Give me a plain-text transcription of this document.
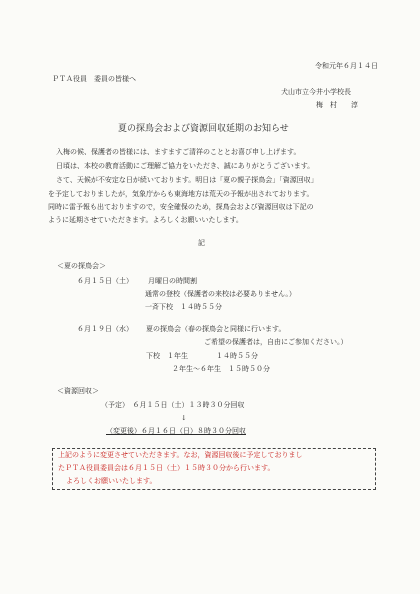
令和元年６月１４日
ＰＴＡ役員　委員の皆様へ
犬山市立今井小学校長
梅　村　　淳
夏の探鳥会および資源回収延期のお知らせ
入梅の候、保護者の皆様には、ますますご清祥のこととお喜び申し上げます。
日頃は、本校の教育活動にご理解ご協力をいただき、誠にありがとうございます。
さて、天候が不安定な日が続いております。明日は「夏の親子探鳥会」「資源回収」
を予定しておりましたが，気象庁からも東海地方は荒天の予報が出されております。
同時に雷予報も出ておりますので，安全確保のため，探鳥会および資源回収は下記の
ように延期させていただきます。よろしくお願いいたします。
記
＜夏の探鳥会＞
６月１５日（土） 月曜日の時間割
通常の登校（保護者の来校は必要ありません。）
一斉下校　１４時５５分
６月１９日（水） 夏の探鳥会（春の探鳥会と同様に行います。
ご希望の保護者は，自由にご参加ください。）
下校　１年生　　　　１４時５５分
２年生～６年生　１５時５０分
＜資源回収＞
（予定）　６月１５日（土）１３時３０分回収
↓
（変更後）６月１６日（日）８時３０分回収
上記のように変更させていただきます。なお，資源回収後に予定しておりまし
たＰＴＡ役員委員会は６月１５日（土）１５時３０分から行います。
よろしくお願いいたします。
